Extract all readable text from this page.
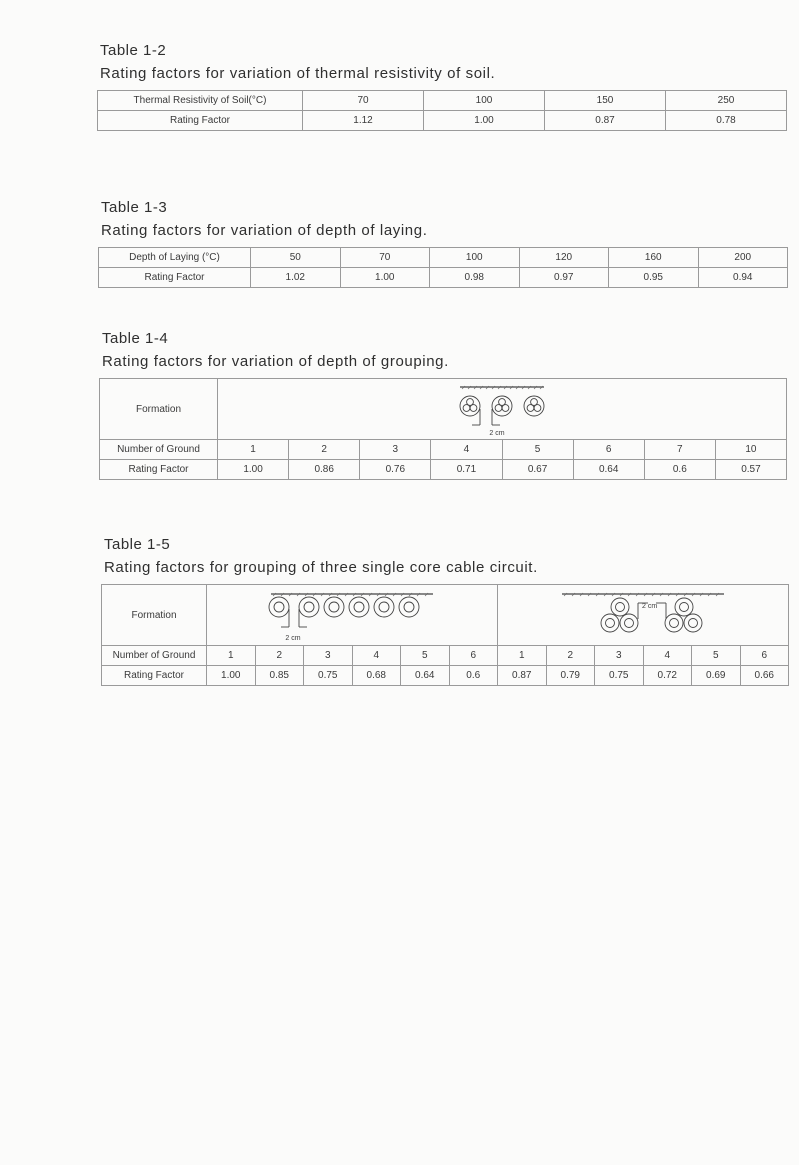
Table 1-2
Rating factors for variation of thermal resistivity of soil.
Thermal Resistivity of Soil(°C)	70	100	150	250
Rating Factor	1.12	1.00	0.87	0.78
Table 1-3
Rating factors for variation of depth of laying.
Depth of Laying (°C)	50	70	100	120	160	200
Rating Factor	1.02	1.00	0.98	0.97	0.95	0.94
Table 1-4
Rating factors for variation of depth of grouping.
Formation	2 cm							

Number of Ground	1	2	3	4	5	6	7	10
Rating Factor	1.00	0.86	0.76	0.71	0.67	0.64	0.6	0.57
Table 1-5
Rating factors for grouping of three single core cable circuit.
Formation	2 cm						2 cm					

Number of Ground	1	2	3	4	5	6	1	2	3	4	5	6
Rating Factor	1.00	0.85	0.75	0.68	0.64	0.6	0.87	0.79	0.75	0.72	0.69	0.66
